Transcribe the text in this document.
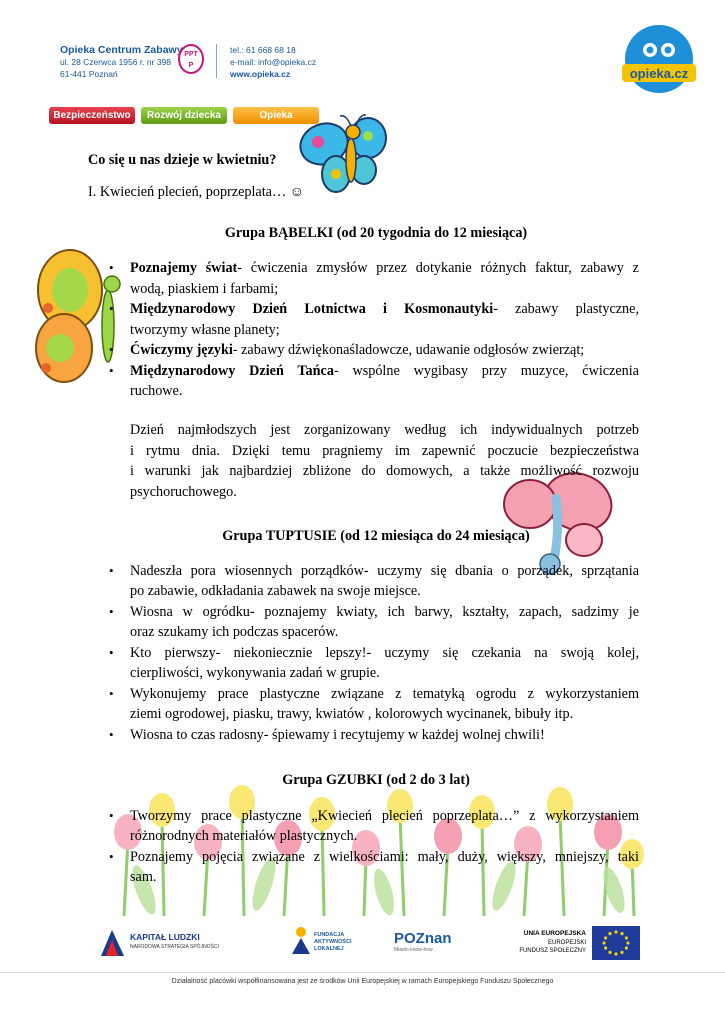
Opieka Centrum Zabawy
ul. 28 Czerwca 1956 r. nr 398
61-441 Poznań
PPTP
tel.: 61 668 68 18
e-mail: info@opieka.cz
www.opieka.cz	opieka.cz
Bezpieczeństwo	Rozwój dziecka	Opieka
Co się u nas dzieje w kwietniu?
I. Kwiecień plecień, poprzeplata… ☺
Grupa BĄBELKI (od 20 tygodnia do 12 miesiąca)
• Poznajemy świat- ćwiczenia zmysłów przez dotykanie różnych faktur, zabawy z
wodą, piaskiem i farbami;
• Międzynarodowy Dzień Lotnictwa i Kosmonautyki- zabawy plastyczne,
tworzymy własne planety;
• Ćwiczymy języki- zabawy dźwiękonaśladowcze, udawanie odgłosów zwierząt;
• Międzynarodowy Dzień Tańca- wspólne wygibasy przy muzyce, ćwiczenia
ruchowe.
Dzień najmłodszych jest zorganizowany według ich indywidualnych potrzeb
i rytmu dnia. Dzięki temu pragniemy im zapewnić poczucie bezpieczeństwa
i warunki jak najbardziej zbliżone do domowych, a także możliwość rozwoju
psychoruchowego.
Grupa TUPTUSIE (od 12 miesiąca do 24 miesiąca)
• Nadeszła pora wiosennych porządków- uczymy się dbania o porządek, sprzątania
po zabawie, odkładania zabawek na swoje miejsce.
• Wiosna w ogródku- poznajemy kwiaty, ich barwy, kształty, zapach, sadzimy je
oraz szukamy ich podczas spacerów.
• Kto pierwszy- niekoniecznie lepszy!- uczymy się czekania na swoją kolej,
cierpliwości, wykonywania zadań w grupie.
• Wykonujemy prace plastyczne związane z tematyką ogrodu z wykorzystaniem
ziemi ogrodowej, piasku, trawy, kwiatów , kolorowych wycinanek, bibuły itp.
• Wiosna to czas radosny- śpiewamy i recytujemy w każdej wolnej chwili!
Grupa GZUBKI (od 2 do 3 lat)
• Tworzymy prace plastyczne „Kwiecień plecień poprzeplata…” z wykorzystaniem
różnorodnych materiałów plastycznych.
• Poznajemy pojęcia związane z wielkościami: mały, duży, większy, mniejszy, taki
sam.
KAPITAŁ LUDZKI
NARODOWA STRATEGIA SPÓJNOŚCI
FUNDACJA AKTYWNOŚCI LOKALNEJ
POZnan
Miasto know-how
UNIA EUROPEJSKA
EUROPEJSKI
FUNDUSZ SPOŁECZNY
Działalność placówki współfinansowana jest ze środków Unii Europejskiej w ramach Europejskiego Funduszu Społecznego
